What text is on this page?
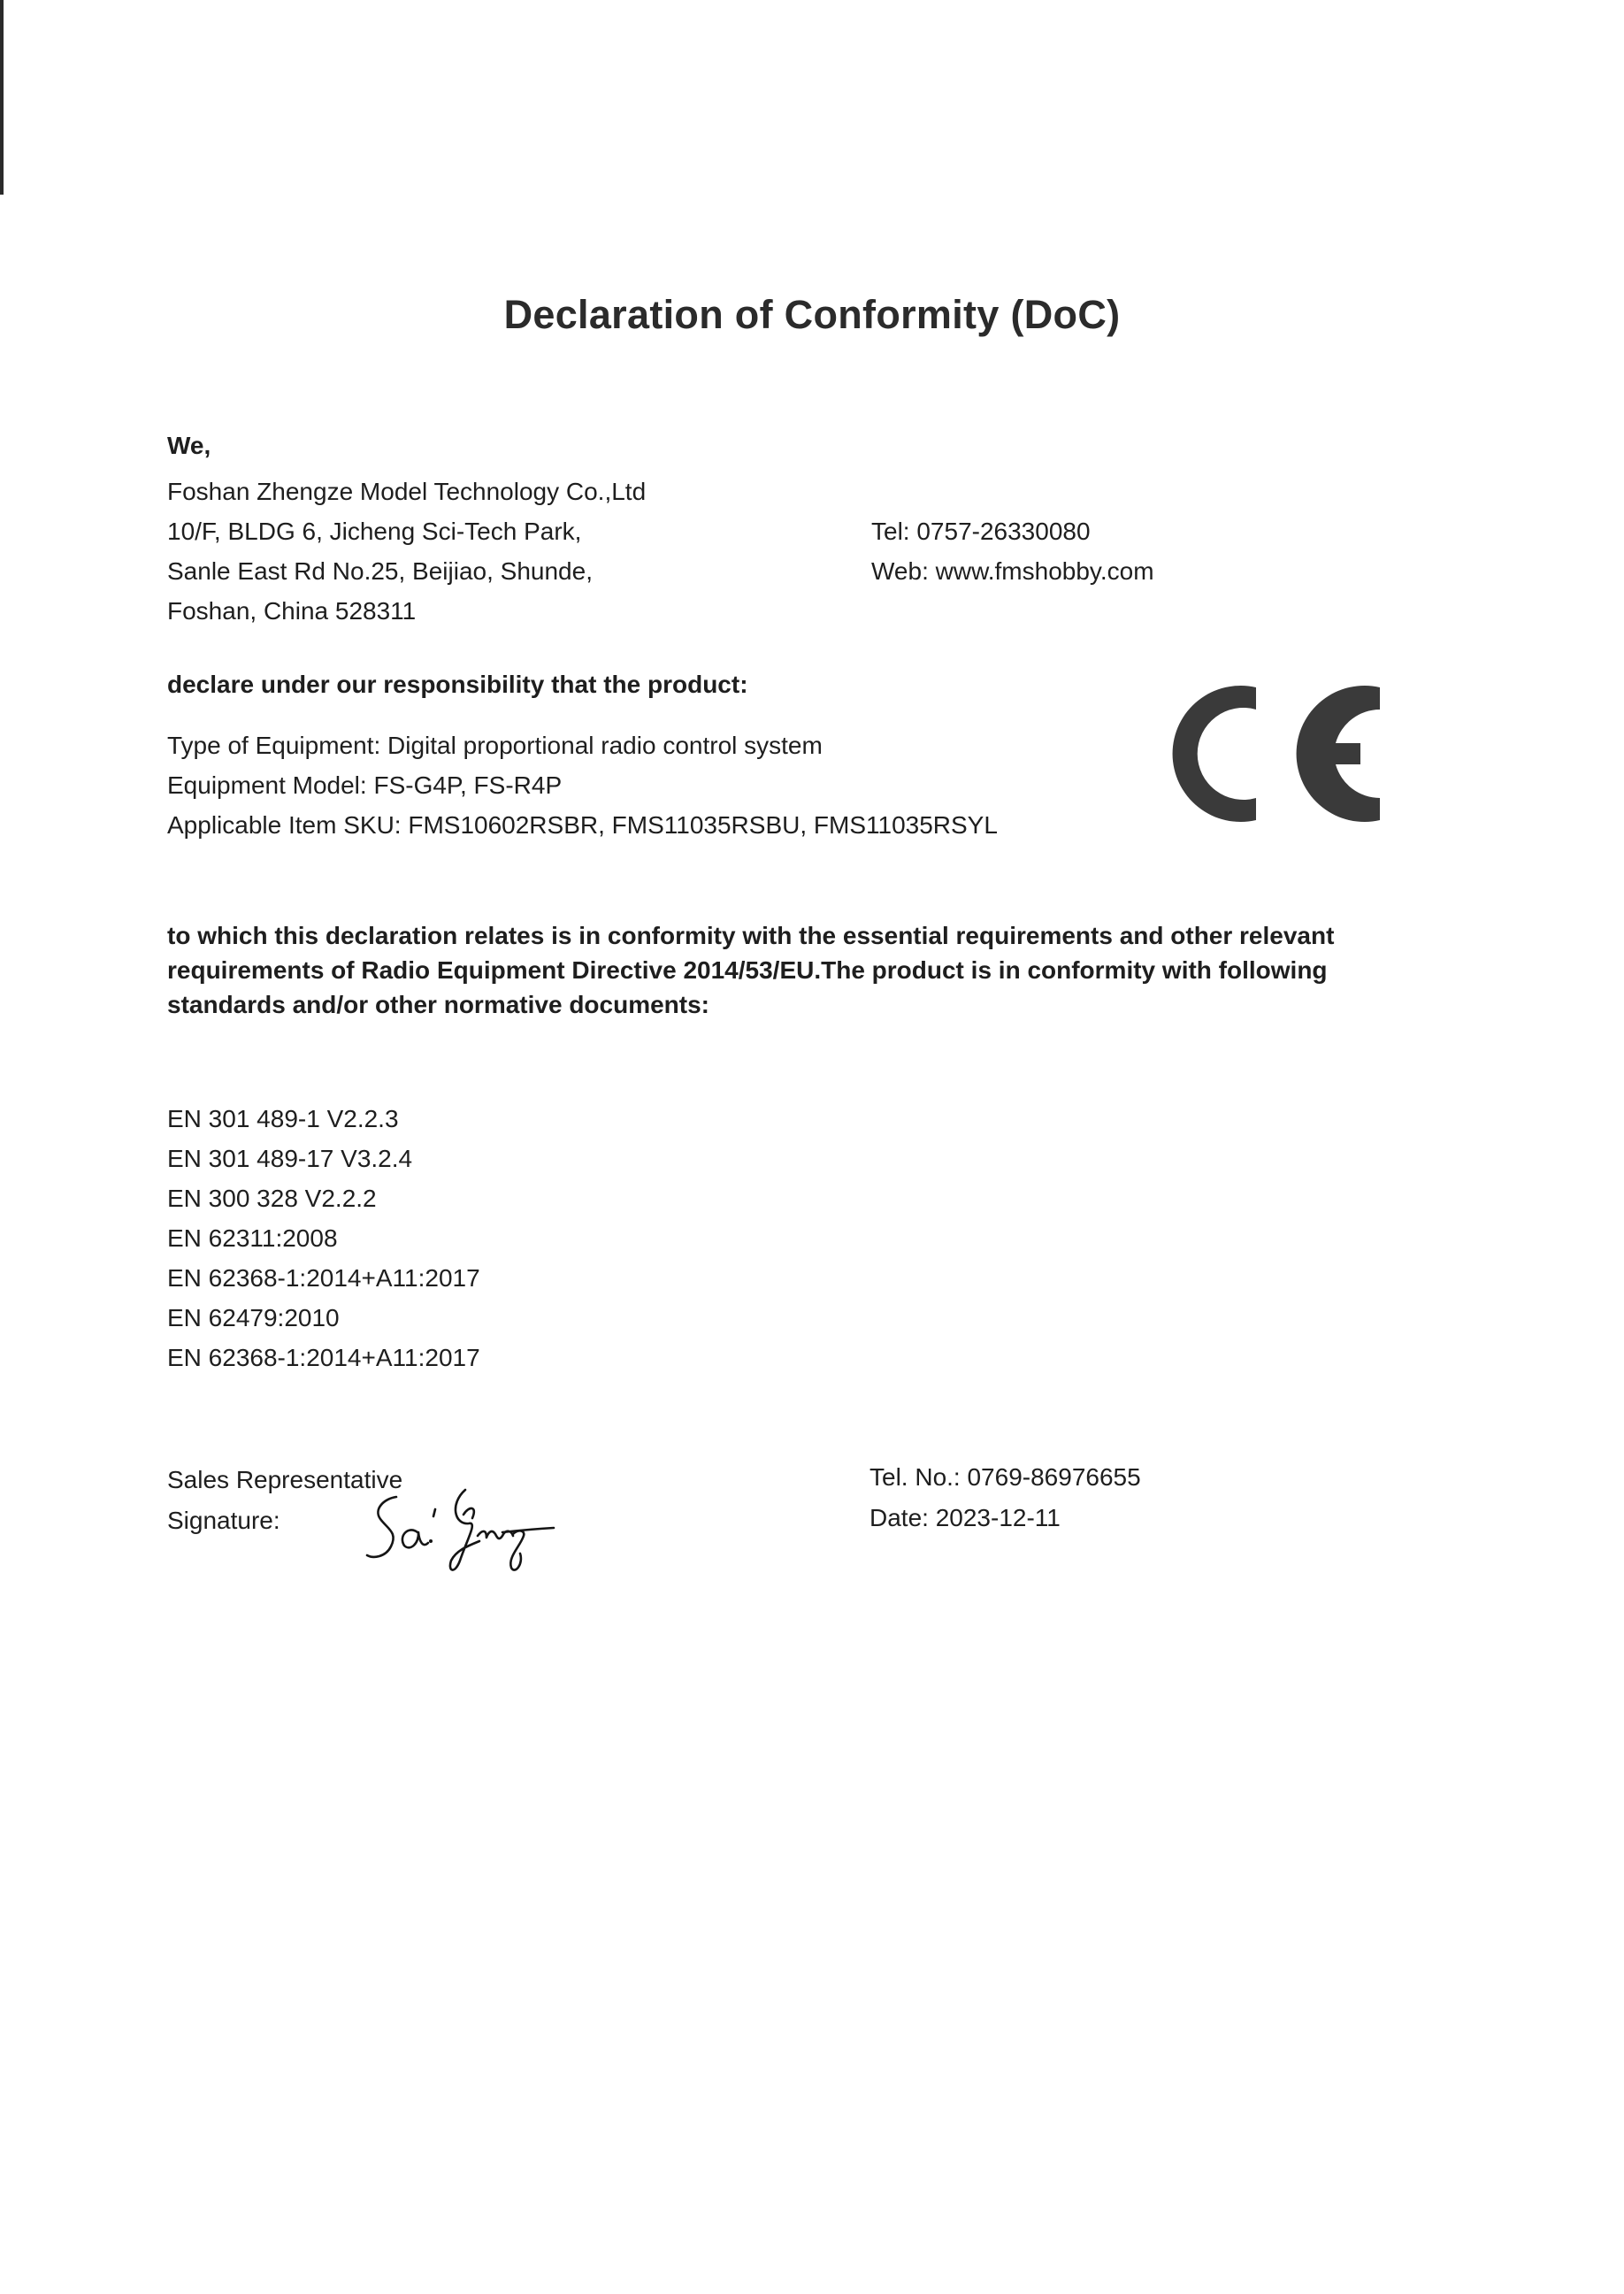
Declaration of Conformity (DoC)
We,
Foshan Zhengze Model Technology Co.,Ltd
10/F, BLDG 6, Jicheng Sci-Tech Park,
Sanle East Rd No.25, Beijiao, Shunde,
Foshan, China 528311
Tel: 0757-26330080
Web: www.fmshobby.com
declare under our responsibility that the product:
Type of Equipment: Digital proportional radio control system
Equipment Model: FS-G4P, FS-R4P
Applicable Item SKU: FMS10602RSBR, FMS11035RSBU, FMS11035RSYL
to which this declaration relates is in conformity with the essential requirements and other relevant requirements of Radio Equipment Directive 2014/53/EU.The product is in conformity with following standards and/or other normative documents:
EN 301 489-1 V2.2.3
EN 301 489-17 V3.2.4
EN 300 328 V2.2.2
EN 62311:2008
EN 62368-1:2014+A11:2017
EN 62479:2010
EN 62368-1:2014+A11:2017
Sales Representative
Signature:
Tel. No.: 0769-86976655
Date: 2023-12-11
